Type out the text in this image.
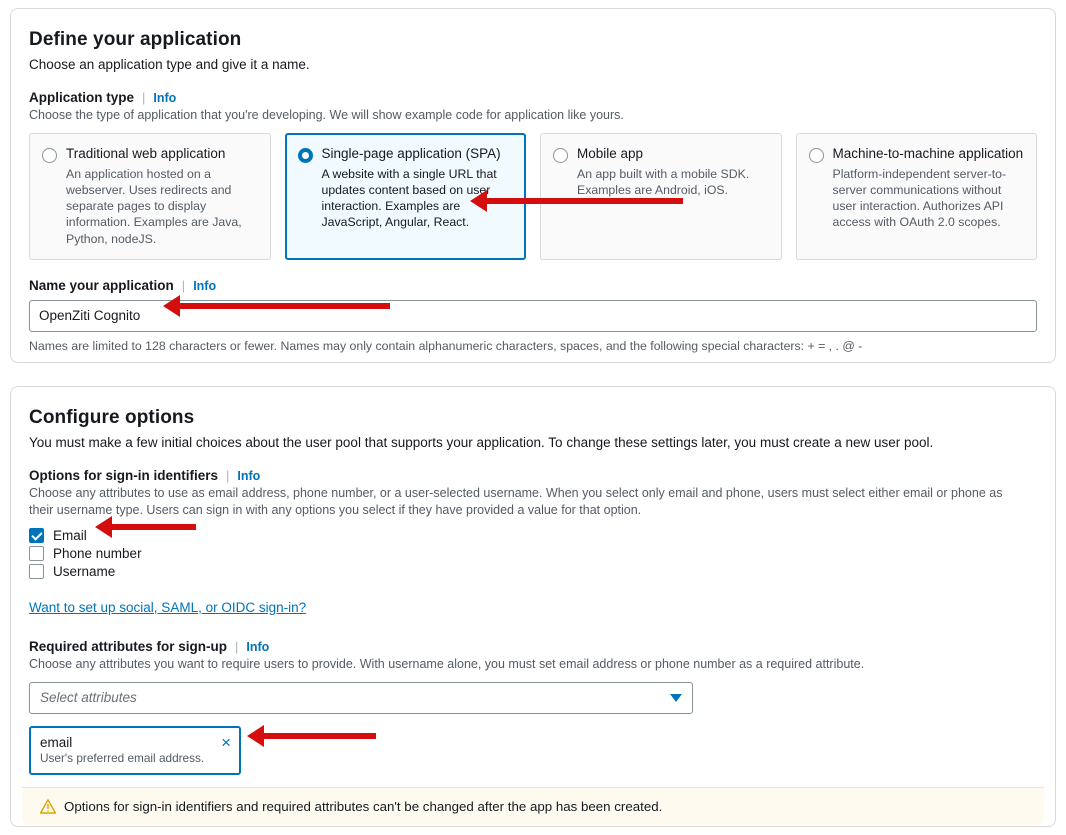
Define your application

Choose an application type and give it a name.

Application type | Info

Choose the type of application that you're developing. We will show example code for application like yours.

Traditional web application
An application hosted on a webserver. Uses redirects and separate pages to display information. Examples are Java, Python, nodeJS.
Single-page application (SPA)
A website with a single URL that updates content based on user interaction. Examples are JavaScript, Angular, React.
Mobile app
An app built with a mobile SDK. Examples are Android, iOS.
Machine-to-machine application
Platform-independent server-to-server communications without user interaction. Authorizes API access with OAuth 2.0 scopes.
Name your application | Info
OpenZiti Cognito
Names are limited to 128 characters or fewer. Names may only contain alphanumeric characters, spaces, and the following special characters: + = , . @ -
Configure options

You must make a few initial choices about the user pool that supports your application. To change these settings later, you must create a new user pool.

Options for sign-in identifiers | Info

Choose any attributes to use as email address, phone number, or a user-selected username. When you select only email and phone, users must select either email or phone as their username type. Users can sign in with any options you select if they have provided a value for that option.

Email
Phone number
Username
Want to set up social, SAML, or OIDC sign-in?
Required attributes for sign-up | Info

Choose any attributes you want to require users to provide. With username alone, you must set email address or phone number as a required attribute.

Select attributes
email
User's preferred email address.
×
Options for sign-in identifiers and required attributes can't be changed after the app has been created.
